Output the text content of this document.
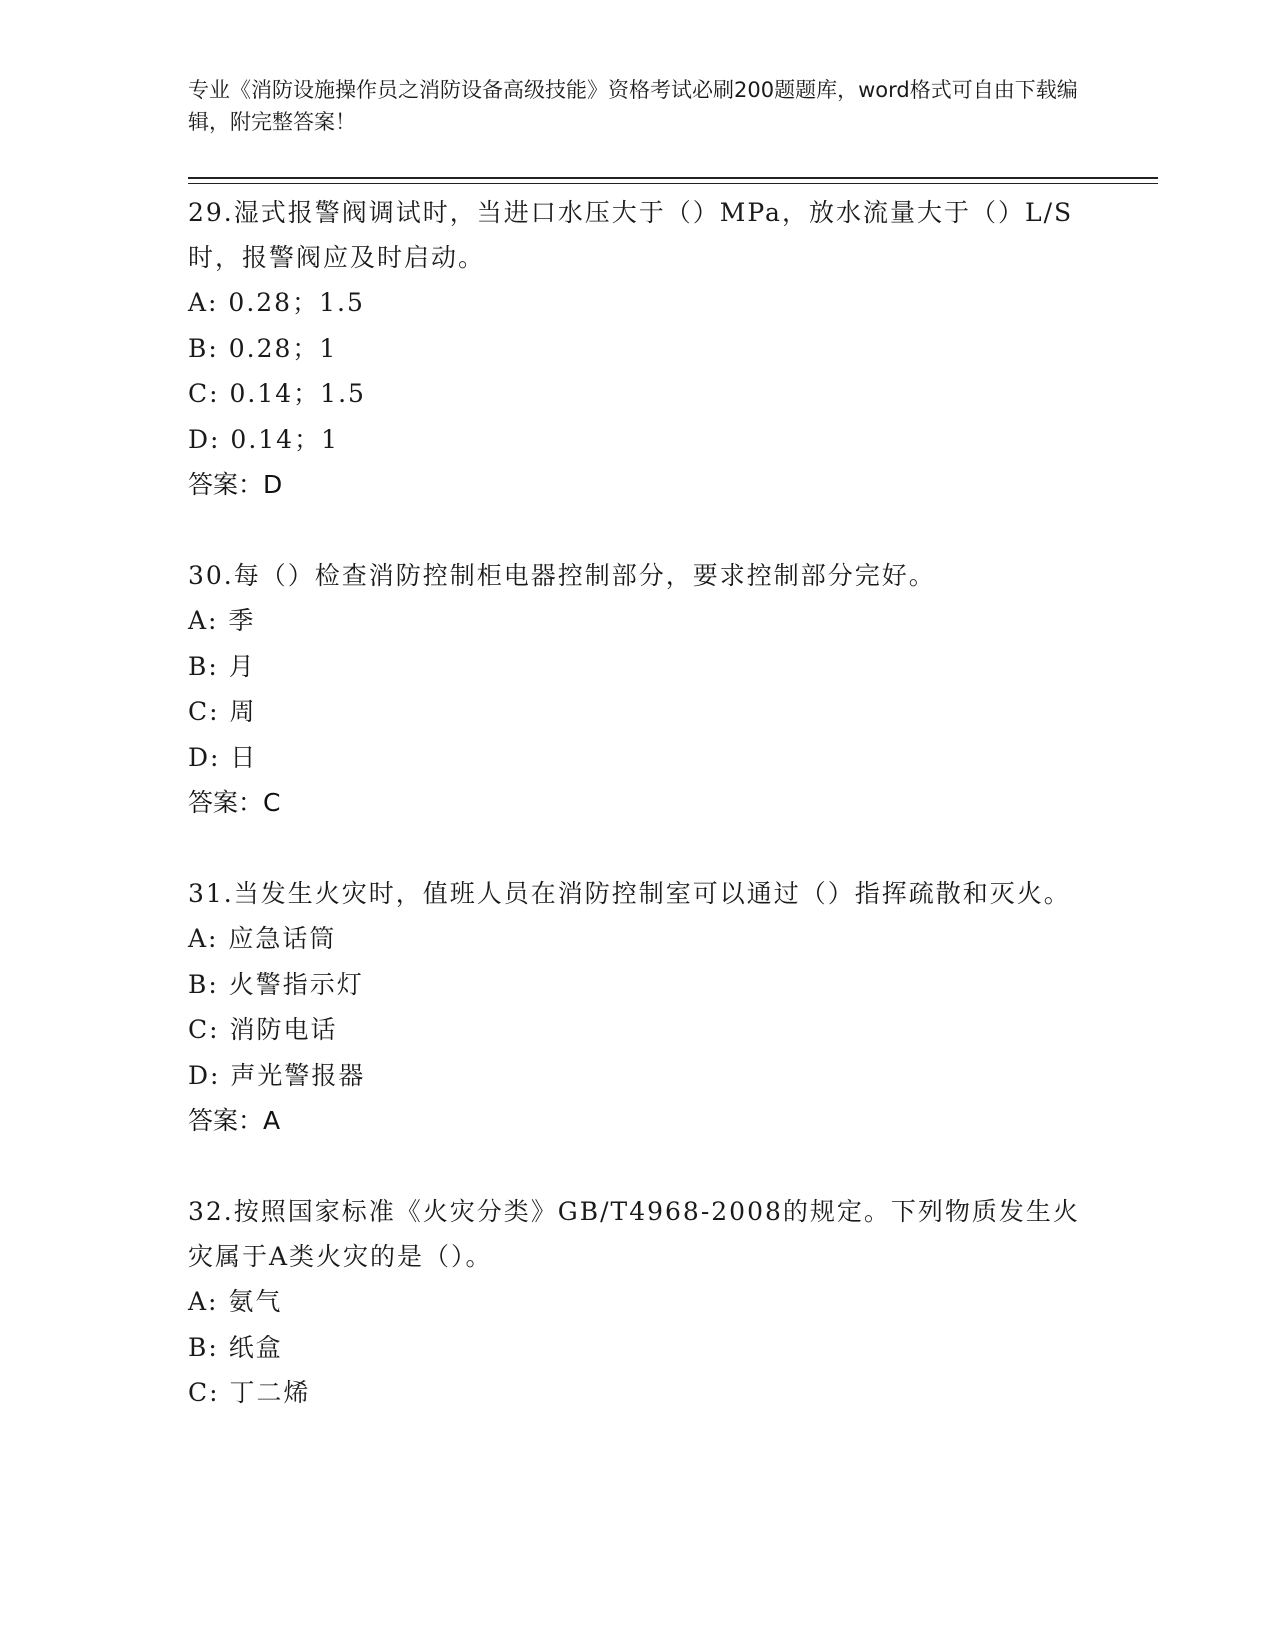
专业《消防设施操作员之消防设备高级技能》资格考试必刷200题题库，word格式可自由下载编辑，附完整答案！
29.湿式报警阀调试时，当进口水压大于（）MPa，放水流量大于（）L/S时，报警阀应及时启动。
A: 0.28；1.5
B: 0.28；1
C: 0.14；1.5
D: 0.14；1
答案：D
30.每（）检查消防控制柜电器控制部分，要求控制部分完好。
A: 季
B: 月
C: 周
D: 日
答案：C
31.当发生火灾时，值班人员在消防控制室可以通过（）指挥疏散和灭火。
A: 应急话筒
B: 火警指示灯
C: 消防电话
D: 声光警报器
答案：A
32.按照国家标准《火灾分类》GB/T4968-2008的规定。下列物质发生火灾属于A类火灾的是（）。
A: 氨气
B: 纸盒
C: 丁二烯
